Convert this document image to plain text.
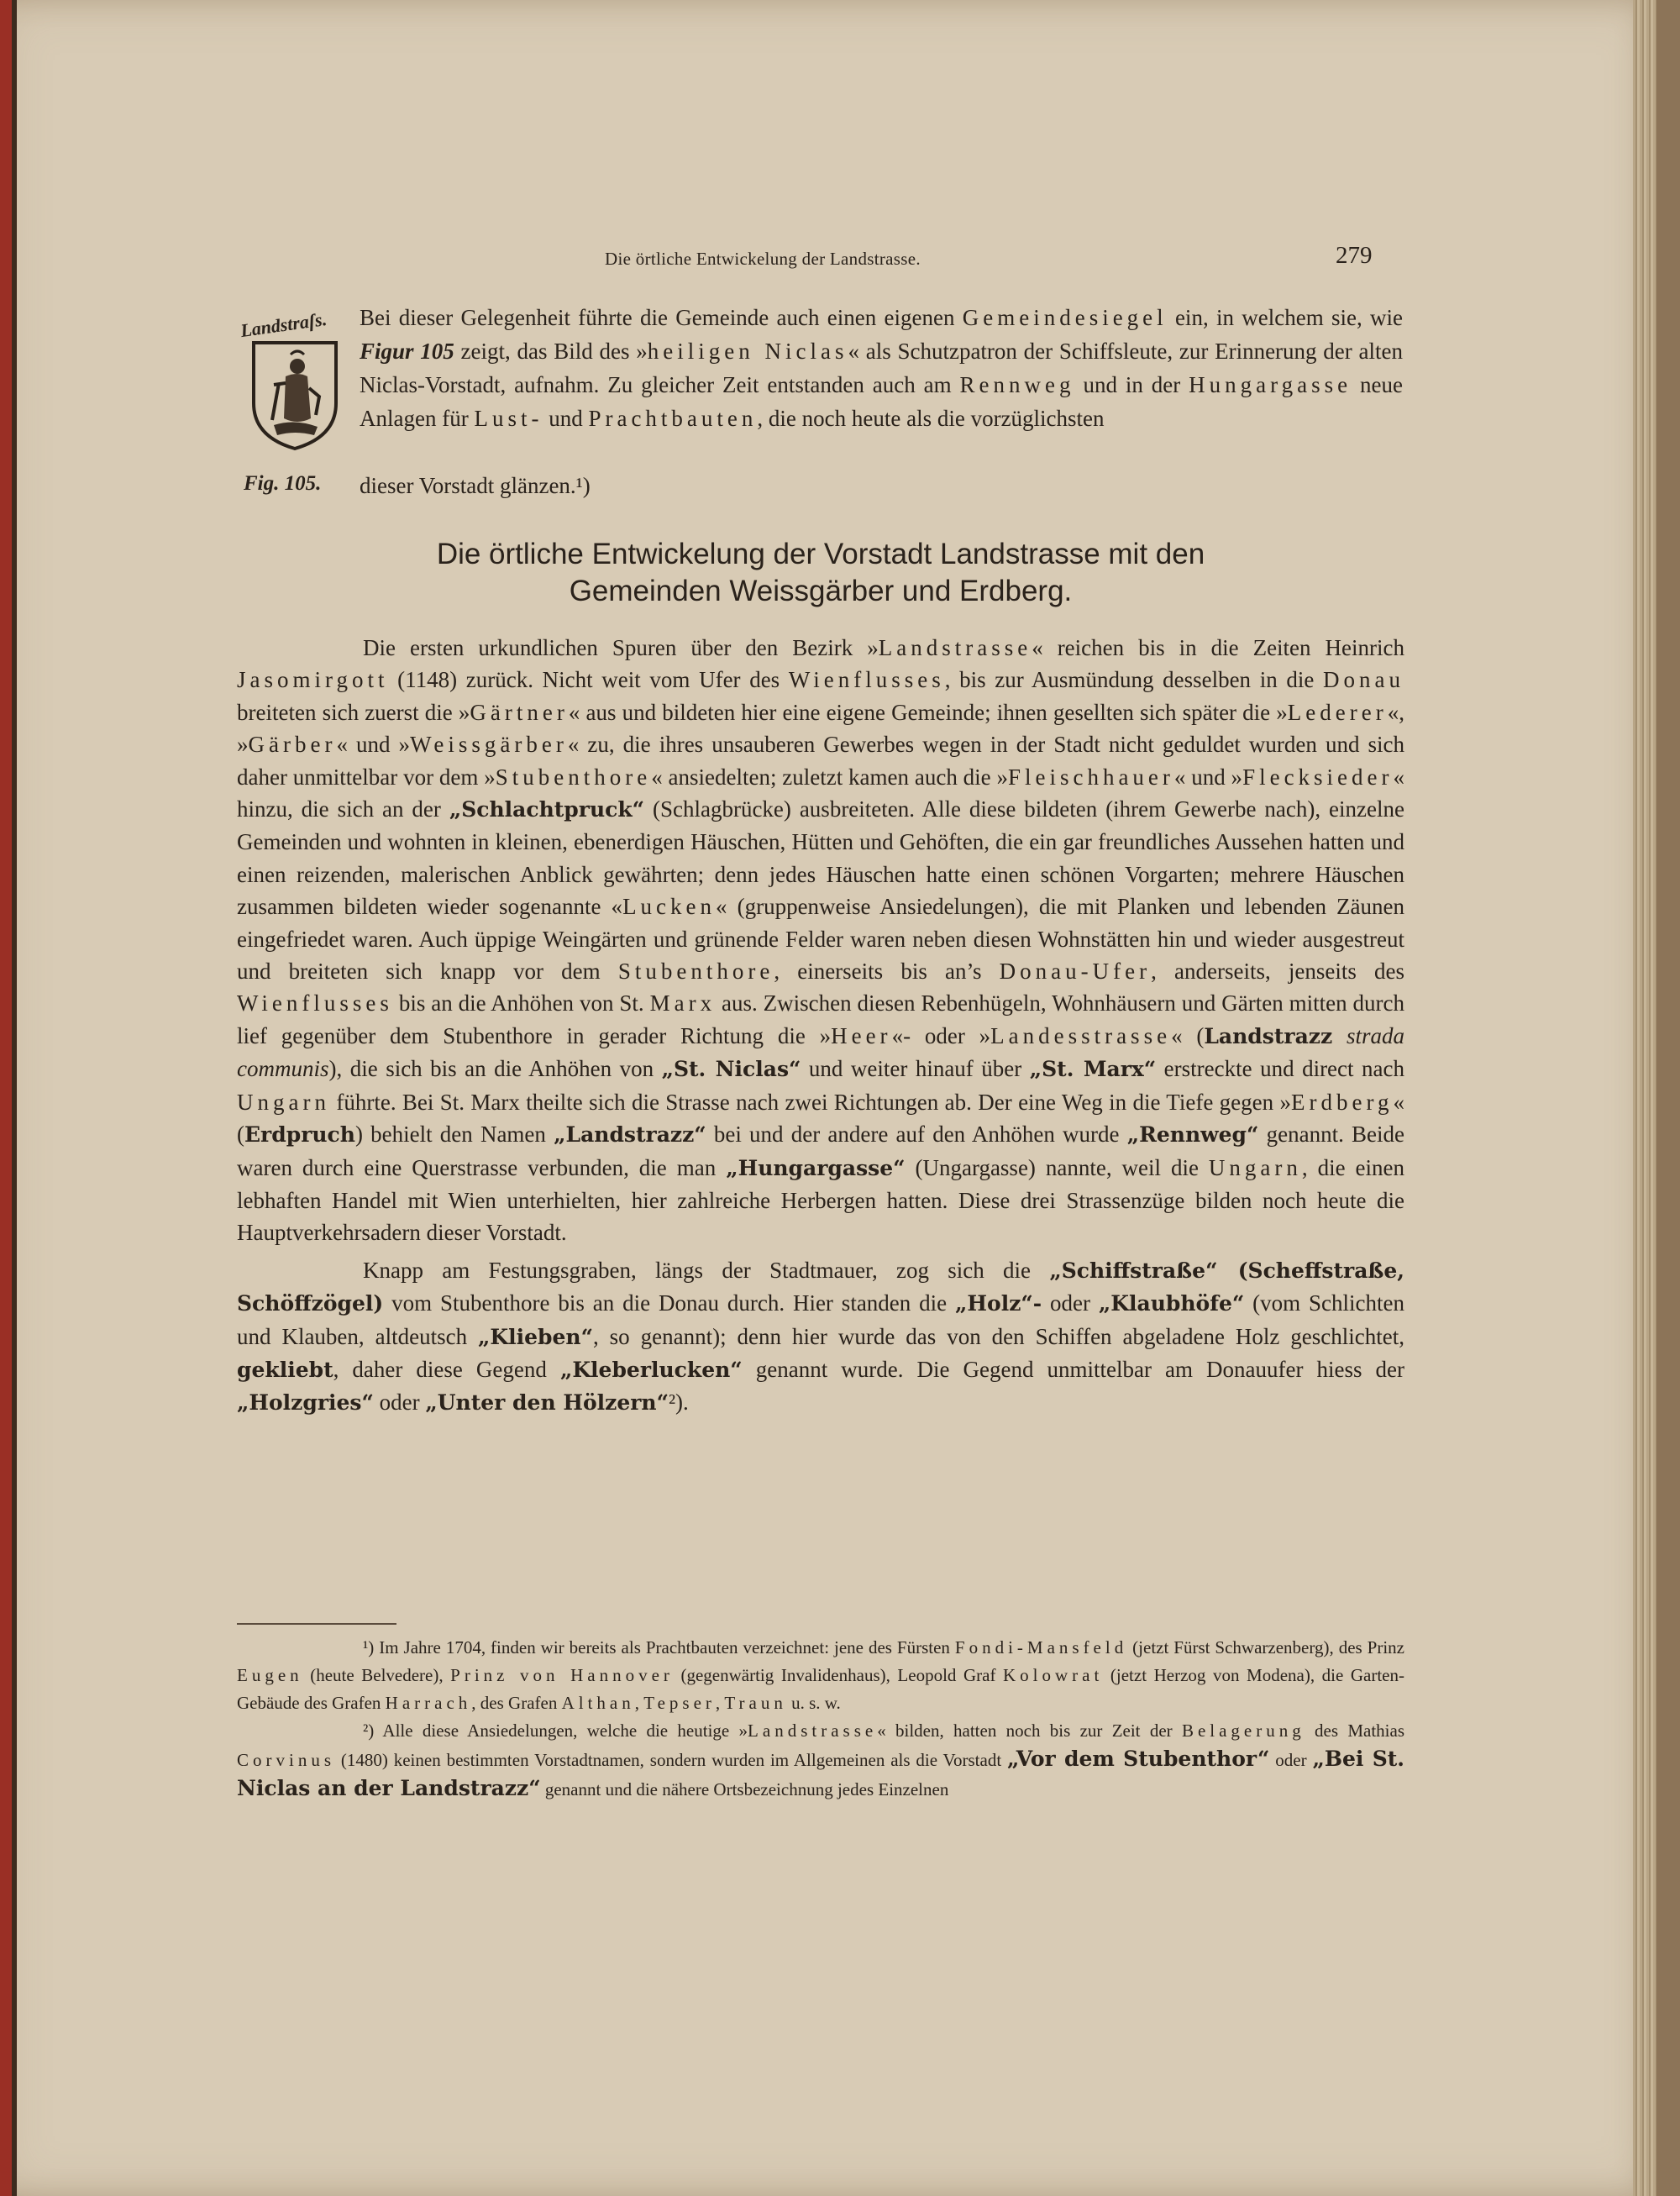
Die örtliche Entwickelung der Landstrasse.	279
Landstraſs. Bei dieser Gelegenheit führte die Gemeinde auch einen eigenen Gemeindesiegel ein, in welchem sie, wie Figur 105 zeigt, das Bild des »heiligen Niclas« als Schutzpatron der Schiffsleute, zur Erinnerung der alten Niclas-Vorstadt, aufnahm. Zu gleicher Zeit entstanden auch am Rennweg und in der Hungargasse neue Anlagen für Lust- und Prachtbauten, die noch heute als die vorzüglichsten
Fig. 105. dieser Vorstadt glänzen.¹)
Die örtliche Entwickelung der Vorstadt Landstrasse mit den
Gemeinden Weissgärber und Erdberg.

Die ersten urkundlichen Spuren über den Bezirk »Landstrasse« reichen bis in die Zeiten Heinrich Jasomirgott (1148) zurück. Nicht weit vom Ufer des Wienflusses, bis zur Ausmündung desselben in die Donau breiteten sich zuerst die »Gärtner« aus und bildeten hier eine eigene Gemeinde; ihnen gesellten sich später die »Lederer«, »Gärber« und »Weissgärber« zu, die ihres unsauberen Gewerbes wegen in der Stadt nicht geduldet wurden und sich daher unmittelbar vor dem »Stubenthore« ansiedelten; zuletzt kamen auch die »Fleischhauer« und »Flecksieder« hinzu, die sich an der „Schlachtpruck“ (Schlagbrücke) ausbreiteten. Alle diese bildeten (ihrem Gewerbe nach), einzelne Gemeinden und wohnten in kleinen, ebenerdigen Häuschen, Hütten und Gehöften, die ein gar freundliches Aussehen hatten und einen reizenden, malerischen Anblick gewährten; denn jedes Häuschen hatte einen schönen Vorgarten; mehrere Häuschen zusammen bildeten wieder sogenannte «Lucken« (gruppenweise Ansiedelungen), die mit Planken und lebenden Zäunen eingefriedet waren. Auch üppige Weingärten und grünende Felder waren neben diesen Wohnstätten hin und wieder ausgestreut und breiteten sich knapp vor dem Stubenthore, einerseits bis an’s Donau-Ufer, anderseits, jenseits des Wienflusses bis an die Anhöhen von St. Marx aus. Zwischen diesen Rebenhügeln, Wohnhäusern und Gärten mitten durch lief gegenüber dem Stubenthore in gerader Richtung die »Heer«- oder »Landesstrasse« (Landstrazz strada communis), die sich bis an die Anhöhen von „St. Niclas“ und weiter hinauf über „St. Marx“ erstreckte und direct nach Ungarn führte. Bei St. Marx theilte sich die Strasse nach zwei Richtungen ab. Der eine Weg in die Tiefe gegen »Erdberg« (Erdpruch) behielt den Namen „Landstrazz“ bei und der andere auf den Anhöhen wurde „Rennweg“ genannt. Beide waren durch eine Querstrasse verbunden, die man „Hungargasse“ (Ungargasse) nannte, weil die Ungarn, die einen lebhaften Handel mit Wien unterhielten, hier zahlreiche Herbergen hatten. Diese drei Strassenzüge bilden noch heute die Hauptverkehrsadern dieser Vorstadt.

Knapp am Festungsgraben, längs der Stadtmauer, zog sich die „Schiffstraße“ (Scheffstraße, Schöffzögel) vom Stubenthore bis an die Donau durch. Hier standen die „Holz“- oder „Klaubhöfe“ (vom Schlichten und Klauben, altdeutsch „Klieben“, so genannt); denn hier wurde das von den Schiffen abgeladene Holz geschlichtet, gekliebt, daher diese Gegend „Kleberlucken“ genannt wurde. Die Gegend unmittelbar am Donauufer hiess der „Holzgries“ oder „Unter den Hölzern“²).

¹) Im Jahre 1704, finden wir bereits als Prachtbauten verzeichnet: jene des Fürsten Fondi-Mansfeld (jetzt Fürst Schwarzenberg), des Prinz Eugen (heute Belvedere), Prinz von Hannover (gegenwärtig Invalidenhaus), Leopold Graf Kolowrat (jetzt Herzog von Modena), die Garten-Gebäude des Grafen Harrach, des Grafen Althan, Tepser, Traun u. s. w.

²) Alle diese Ansiedelungen, welche die heutige »Landstrasse« bilden, hatten noch bis zur Zeit der Belagerung des Mathias Corvinus (1480) keinen bestimmten Vorstadtnamen, sondern wurden im Allgemeinen als die Vorstadt „Vor dem Stubenthor“ oder „Bei St. Niclas an der Landstrazz“ genannt und die nähere Ortsbezeichnung jedes Einzelnen
